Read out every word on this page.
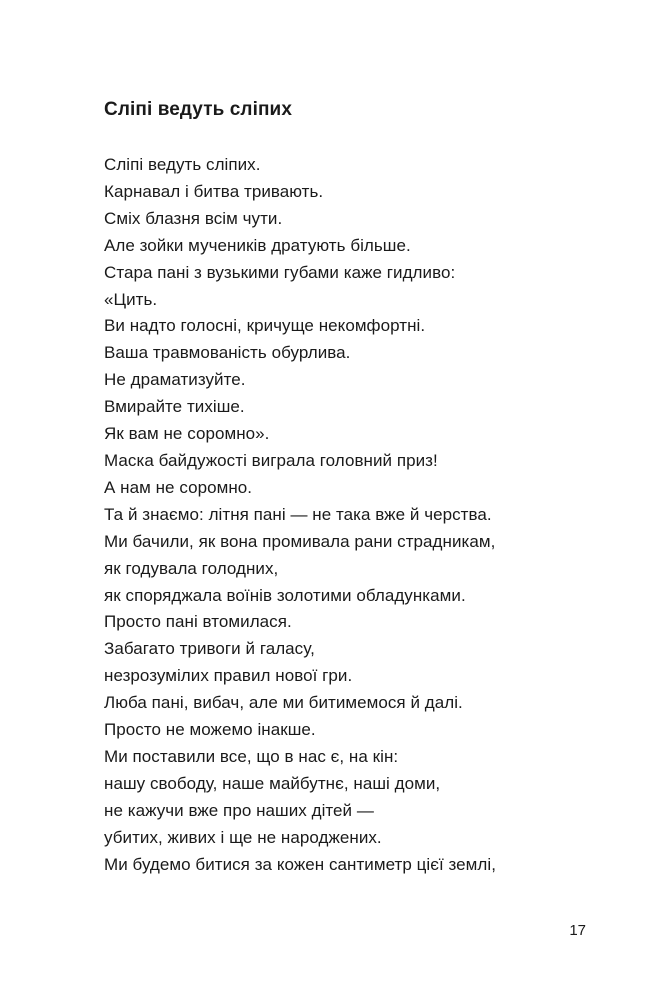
Сліпі ведуть сліпих
Сліпі ведуть сліпих.
Карнавал і битва тривають.
Сміх блазня всім чути.
Але зойки мучеників дратують більше.
Стара пані з вузькими губами каже гидливо:
«Цить.
Ви надто голосні, кричуще некомфортні.
Ваша травмованість обурлива.
Не драматизуйте.
Вмирайте тихіше.
Як вам не соромно».
Маска байдужості виграла головний приз!
А нам не соромно.
Та й знаємо: літня пані — не така вже й черства.
Ми бачили, як вона промивала рани страдникам,
як годувала голодних,
як споряджала воїнів золотими обладунками.
Просто пані втомилася.
Забагато тривоги й галасу,
незрозумілих правил нової гри.
Люба пані, вибач, але ми битимемося й далі.
Просто не можемо інакше.
Ми поставили все, що в нас є, на кін:
нашу свободу, наше майбутнє, наші доми,
не кажучи вже про наших дітей —
убитих, живих і ще не народжених.
Ми будемо битися за кожен сантиметр цієї землі,
17
